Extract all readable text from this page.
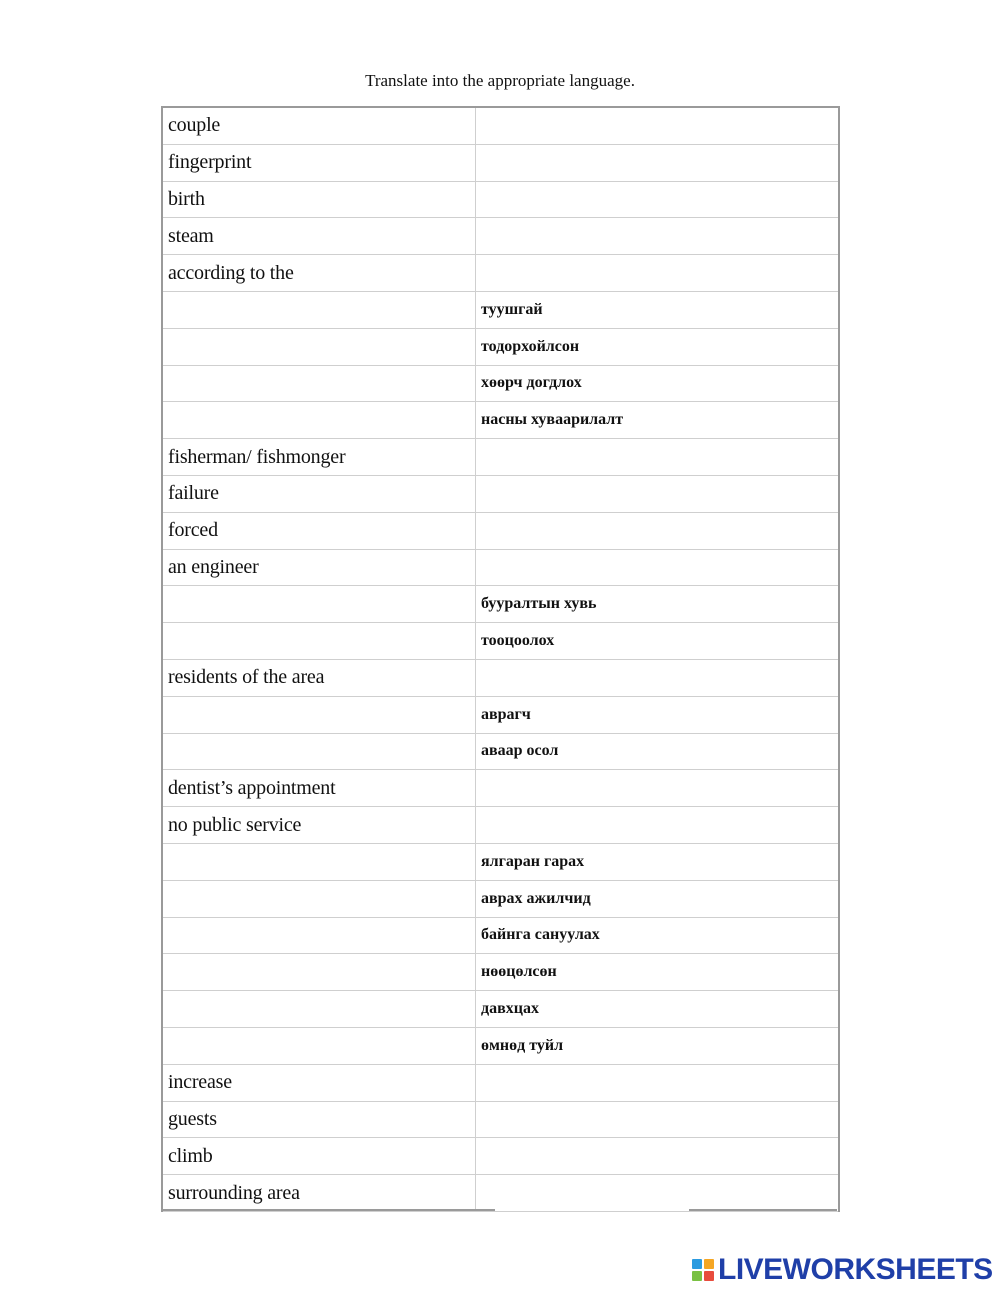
Translate into the appropriate language.
couple	
fingerprint	
birth	
steam	
according to the	
	туушгай
	тодорхойлсон
	хөөрч догдлох
	насны хуваарилалт
fisherman/ fishmonger	
failure	
forced	
an engineer	
	бууралтын хувь
	тооцоолох
residents of the area	
	аврагч
	аваар осол
dentist’s appointment	
no public service	
	ялгаран гарах
	аврах ажилчид
	байнга сануулах
	нөөцөлсөн
	давхцах
	өмнөд туйл
increase	
guests	
climb	
surrounding area	
LIVEWORKSHEETS
